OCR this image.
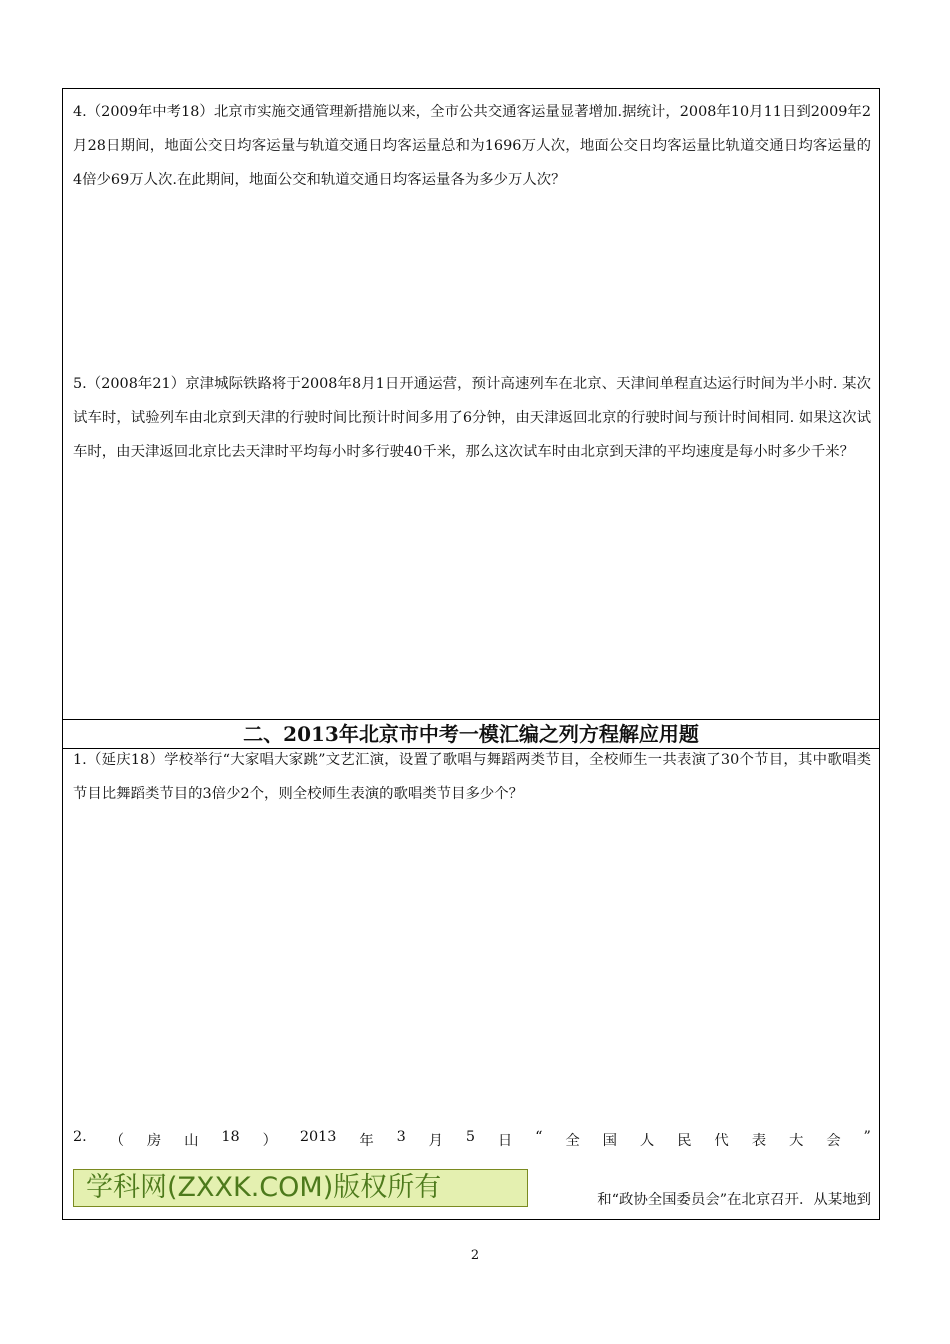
4.（2009年中考18）北京市实施交通管理新措施以来，全市公共交通客运量显著增加.据统计，2008年10月11日到2009年2月28日期间，地面公交日均客运量与轨道交通日均客运量总和为1696万人次，地面公交日均客运量比轨道交通日均客运量的4倍少69万人次.在此期间，地面公交和轨道交通日均客运量各为多少万人次？
5.（2008年21）京津城际铁路将于2008年8月1日开通运营，预计高速列车在北京、天津间单程直达运行时间为半小时. 某次试车时，试验列车由北京到天津的行驶时间比预计时间多用了6分钟，由天津返回北京的行驶时间与预计时间相同. 如果这次试车时，由天津返回北京比去天津时平均每小时多行驶40千米，那么这次试车时由北京到天津的平均速度是每小时多少千米？
二、2013年北京市中考一模汇编之列方程解应用题
1.（延庆18）学校举行“大家唱大家跳”文艺汇演，设置了歌唱与舞蹈两类节目，全校师生一共表演了30个节目，其中歌唱类节目比舞蹈类节目的3倍少2个，则全校师生表演的歌唱类节目多少个？
2. （ 房 山 18 ） 2013 年 3 月 5 日 “ 全 国 人 民 代 表 大 会 ”
学科网(ZXXK.COM)版权所有	和“政协全国委员会”在北京召开．从某地到
2
